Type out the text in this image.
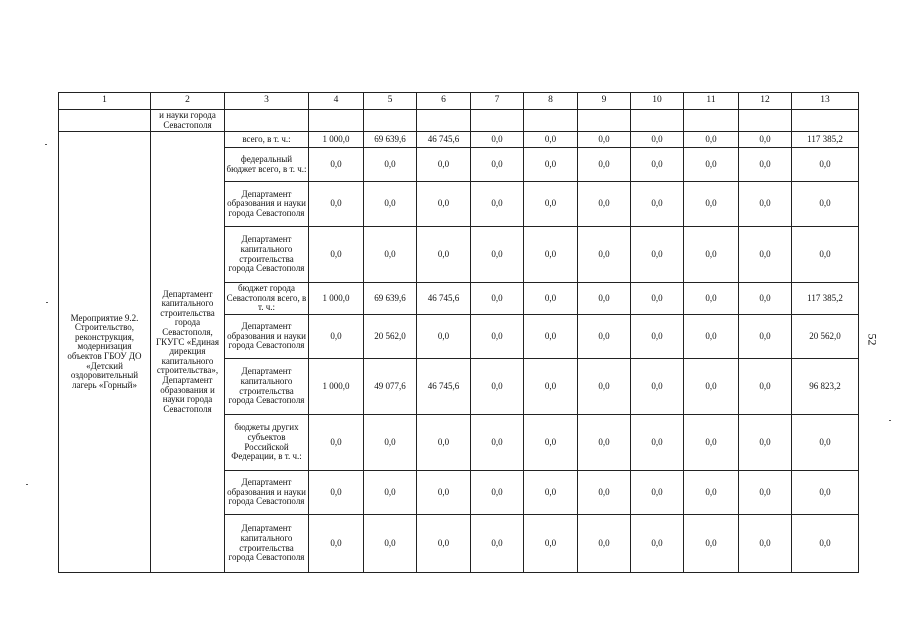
1	2	3	4	5	6	7	8	9	10	11	12	13
	и науки города Севастополя											
Мероприятие 9.2. Строительство, реконструкция, модернизация объектов ГБОУ ДО «Детский оздоровительный лагерь «Горный»	Департамент капитального строительства города Севастополя, ГКУГС «Единая дирекция капитального строительства», Департамент образования и науки города Севастополя	всего, в т. ч.:	1 000,0	69 639,6	46 745,6	0,0	0,0	0,0	0,0	0,0	0,0	117 385,2
		федеральный бюджет всего, в т. ч.:	0,0	0,0	0,0	0,0	0,0	0,0	0,0	0,0	0,0	0,0
		Департамент образования и науки города Севастополя	0,0	0,0	0,0	0,0	0,0	0,0	0,0	0,0	0,0	0,0
		Департамент капитального строительства города Севастополя	0,0	0,0	0,0	0,0	0,0	0,0	0,0	0,0	0,0	0,0
		бюджет города Севастополя всего, в т. ч.:	1 000,0	69 639,6	46 745,6	0,0	0,0	0,0	0,0	0,0	0,0	117 385,2
		Департамент образования и науки города Севастополя	0,0	20 562,0	0,0	0,0	0,0	0,0	0,0	0,0	0,0	20 562,0
		Департамент капитального строительства города Севастополя	1 000,0	49 077,6	46 745,6	0,0	0,0	0,0	0,0	0,0	0,0	96 823,2
		бюджеты других субъектов Российской Федерации, в т. ч.:	0,0	0,0	0,0	0,0	0,0	0,0	0,0	0,0	0,0	0,0
		Департамент образования и науки города Севастополя	0,0	0,0	0,0	0,0	0,0	0,0	0,0	0,0	0,0	0,0
		Департамент капитального строительства города Севастополя	0,0	0,0	0,0	0,0	0,0	0,0	0,0	0,0	0,0	0,0
52
